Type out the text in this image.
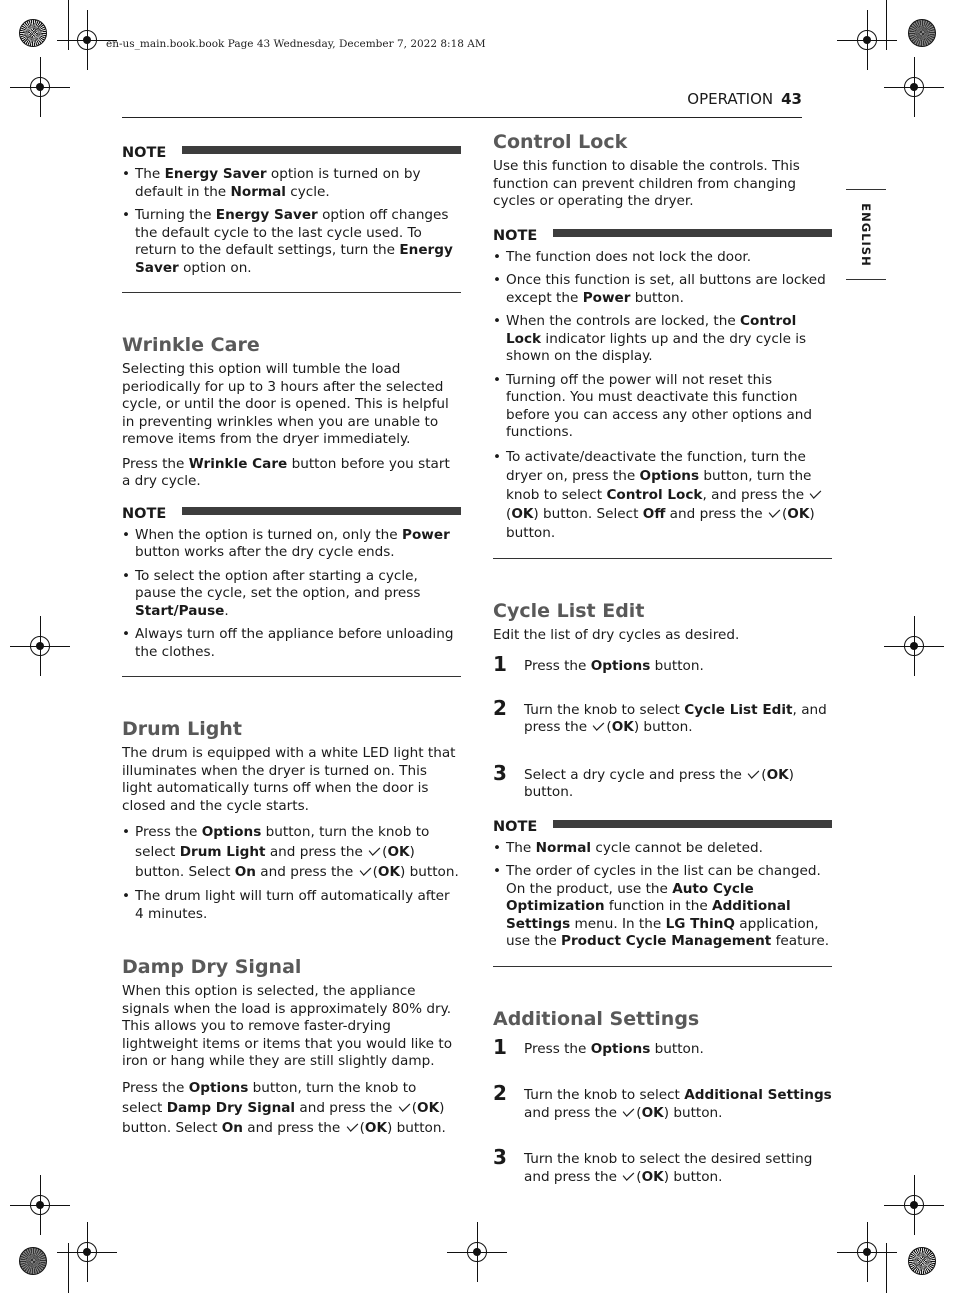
en-us_main.book.book Page 43 Wednesday, December 7, 2022 8:18 AM
OPERATION 43
ENGLISH
NOTE
• The Energy Saver option is turned on by default in the Normal cycle.
• Turning the Energy Saver option off changes the default cycle to the last cycle used. To return to the default settings, turn the Energy Saver option on.
Wrinkle Care

Selecting this option will tumble the load periodically for up to 3 hours after the selected cycle, or until the door is opened. This is helpful in preventing wrinkles when you are unable to remove items from the dryer immediately.

Press the Wrinkle Care button before you start a dry cycle.

NOTE
• When the option is turned on, only the Power button works after the dry cycle ends.
• To select the option after starting a cycle, pause the cycle, set the option, and press Start/Pause.
• Always turn off the appliance before unloading the clothes.
Drum Light

The drum is equipped with a white LED light that illuminates when the dryer is turned on. This light automatically turns off when the door is closed and the cycle starts.

• Press the Options button, turn the knob to select Drum Light and press the (OK) button. Select On and press the (OK) button.
• The drum light will turn off automatically after 4 minutes.
Damp Dry Signal

When this option is selected, the appliance signals when the load is approximately 80% dry. This allows you to remove faster-drying lightweight items or items that you would like to iron or hang while they are still slightly damp.

Press the Options button, turn the knob to select Damp Dry Signal and press the (OK) button. Select On and press the (OK) button.

Control Lock

Use this function to disable the controls. This function can prevent children from changing cycles or operating the dryer.

NOTE
• The function does not lock the door.
• Once this function is set, all buttons are locked except the Power button.
• When the controls are locked, the Control Lock indicator lights up and the dry cycle is shown on the display.
• Turning off the power will not reset this function. You must deactivate this function before you can access any other options and functions.
• To activate/deactivate the function, turn the dryer on, press the Options button, turn the knob to select Control Lock, and press the (OK) button. Select Off and press the (OK) button.
Cycle List Edit

Edit the list of dry cycles as desired.

1 Press the Options button.
2 Turn the knob to select Cycle List Edit, and press the (OK) button.
3 Select a dry cycle and press the (OK) button.
NOTE
• The Normal cycle cannot be deleted.
• The order of cycles in the list can be changed. On the product, use the Auto Cycle Optimization function in the Additional Settings menu. In the LG ThinQ application, use the Product Cycle Management feature.
Additional Settings
1 Press the Options button.
2 Turn the knob to select Additional Settings and press the (OK) button.
3 Turn the knob to select the desired setting and press the (OK) button.
